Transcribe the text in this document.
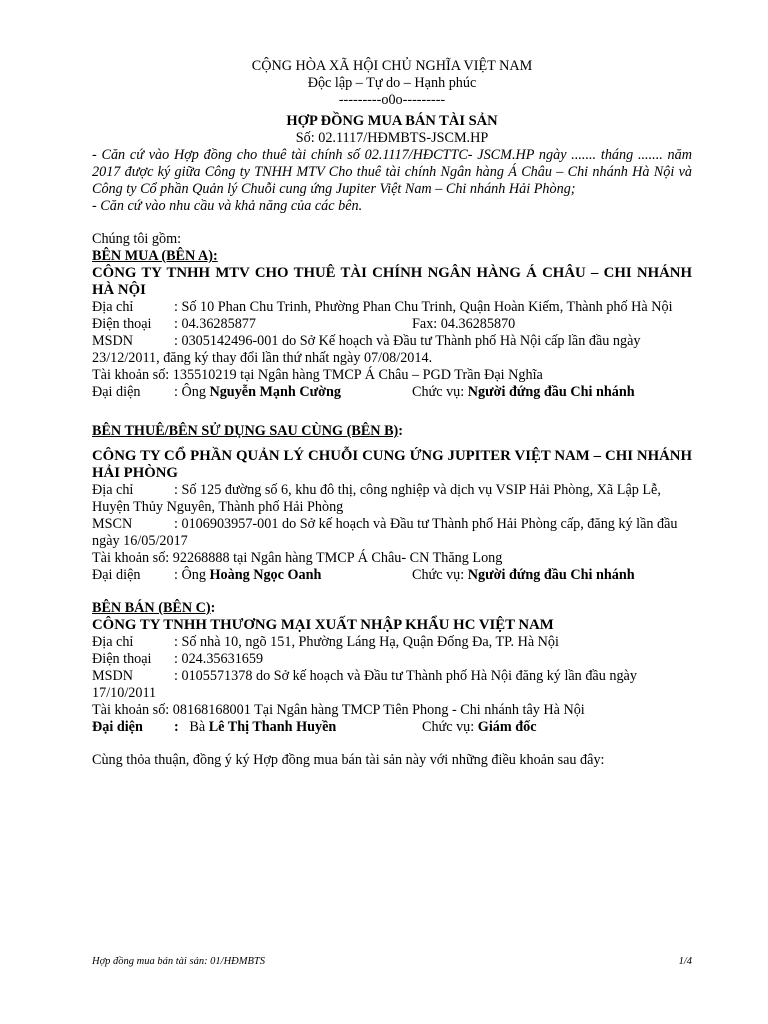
CỘNG HÒA XÃ HỘI CHỦ NGHĨA VIỆT NAM
Độc lập – Tự do – Hạnh phúc
---------o0o---------
HỢP ĐỒNG MUA BÁN TÀI SẢN
Số: 02.1117/HĐMBTS-JSCM.HP
- Căn cứ vào Hợp đồng cho thuê tài chính số 02.1117/HĐCTTC- JSCM.HP ngày ....... tháng ....... năm 2017 được ký giữa Công ty TNHH MTV Cho thuê tài chính Ngân hàng Á Châu – Chi nhánh Hà Nội và Công ty Cổ phần Quản lý Chuỗi cung ứng Jupiter Việt Nam – Chi nhánh Hải Phòng;
- Căn cứ vào nhu cầu và khả năng của các bên.
Chúng tôi gồm:
BÊN MUA (BÊN A):
CÔNG TY TNHH MTV CHO THUÊ TÀI CHÍNH NGÂN HÀNG Á CHÂU – CHI NHÁNH HÀ NỘI
Địa chỉ	: Số 10 Phan Chu Trinh, Phường Phan Chu Trinh, Quận Hoàn Kiếm, Thành phố Hà Nội
Điện thoại : 04.36285877	Fax: 04.36285870
MSDN	: 0305142496-001 do Sở Kế hoạch và Đầu tư Thành phố Hà Nội cấp lần đầu ngày 23/12/2011, đăng ký thay đổi lần thứ nhất ngày 07/08/2014.
Tài khoản số: 135510219 tại Ngân hàng TMCP Á Châu – PGD Trần Đại Nghĩa
Đại diện : Ông Nguyễn Mạnh Cường	Chức vụ: Người đứng đầu Chi nhánh
BÊN THUÊ/BÊN SỬ DỤNG SAU CÙNG (BÊN B):
CÔNG TY CỔ PHẦN QUẢN LÝ CHUỖI CUNG ỨNG JUPITER VIỆT NAM – CHI NHÁNH HẢI PHÒNG
Địa chỉ	: Số 125 đường số 6, khu đô thị, công nghiệp và dịch vụ VSIP Hải Phòng, Xã Lập Lễ, Huyện Thủy Nguyên, Thành phố Hải Phòng
MSCN	: 0106903957-001 do Sở kế hoạch và Đầu tư Thành phố Hải Phòng cấp, đăng ký lần đầu ngày 16/05/2017
Tài khoản số: 92268888 tại Ngân hàng TMCP Á Châu- CN Thăng Long
Đại diện : Ông Hoàng Ngọc Oanh	Chức vụ: Người đứng đầu Chi nhánh
BÊN BÁN (BÊN C):
CÔNG TY TNHH THƯƠNG MẠI XUẤT NHẬP KHẨU HC VIỆT NAM
Địa chỉ	: Số nhà 10, ngõ 151, Phường Láng Hạ, Quận Đống Đa, TP. Hà Nội
Điện thoại : 024.35631659
MSDN	: 0105571378 do Sở kế hoạch và Đầu tư Thành phố Hà Nội đăng ký lần đầu ngày 17/10/2011
Tài khoản số: 08168168001 Tại Ngân hàng TMCP Tiên Phong - Chi nhánh tây Hà Nội
Đại diện : Bà Lê Thị Thanh Huyền	Chức vụ: Giám đốc
Cùng thỏa thuận, đồng ý ký Hợp đồng mua bán tài sản này với những điều khoản sau đây:
Hợp đồng mua bán tài sản: 01/HĐMBTS	1/4
